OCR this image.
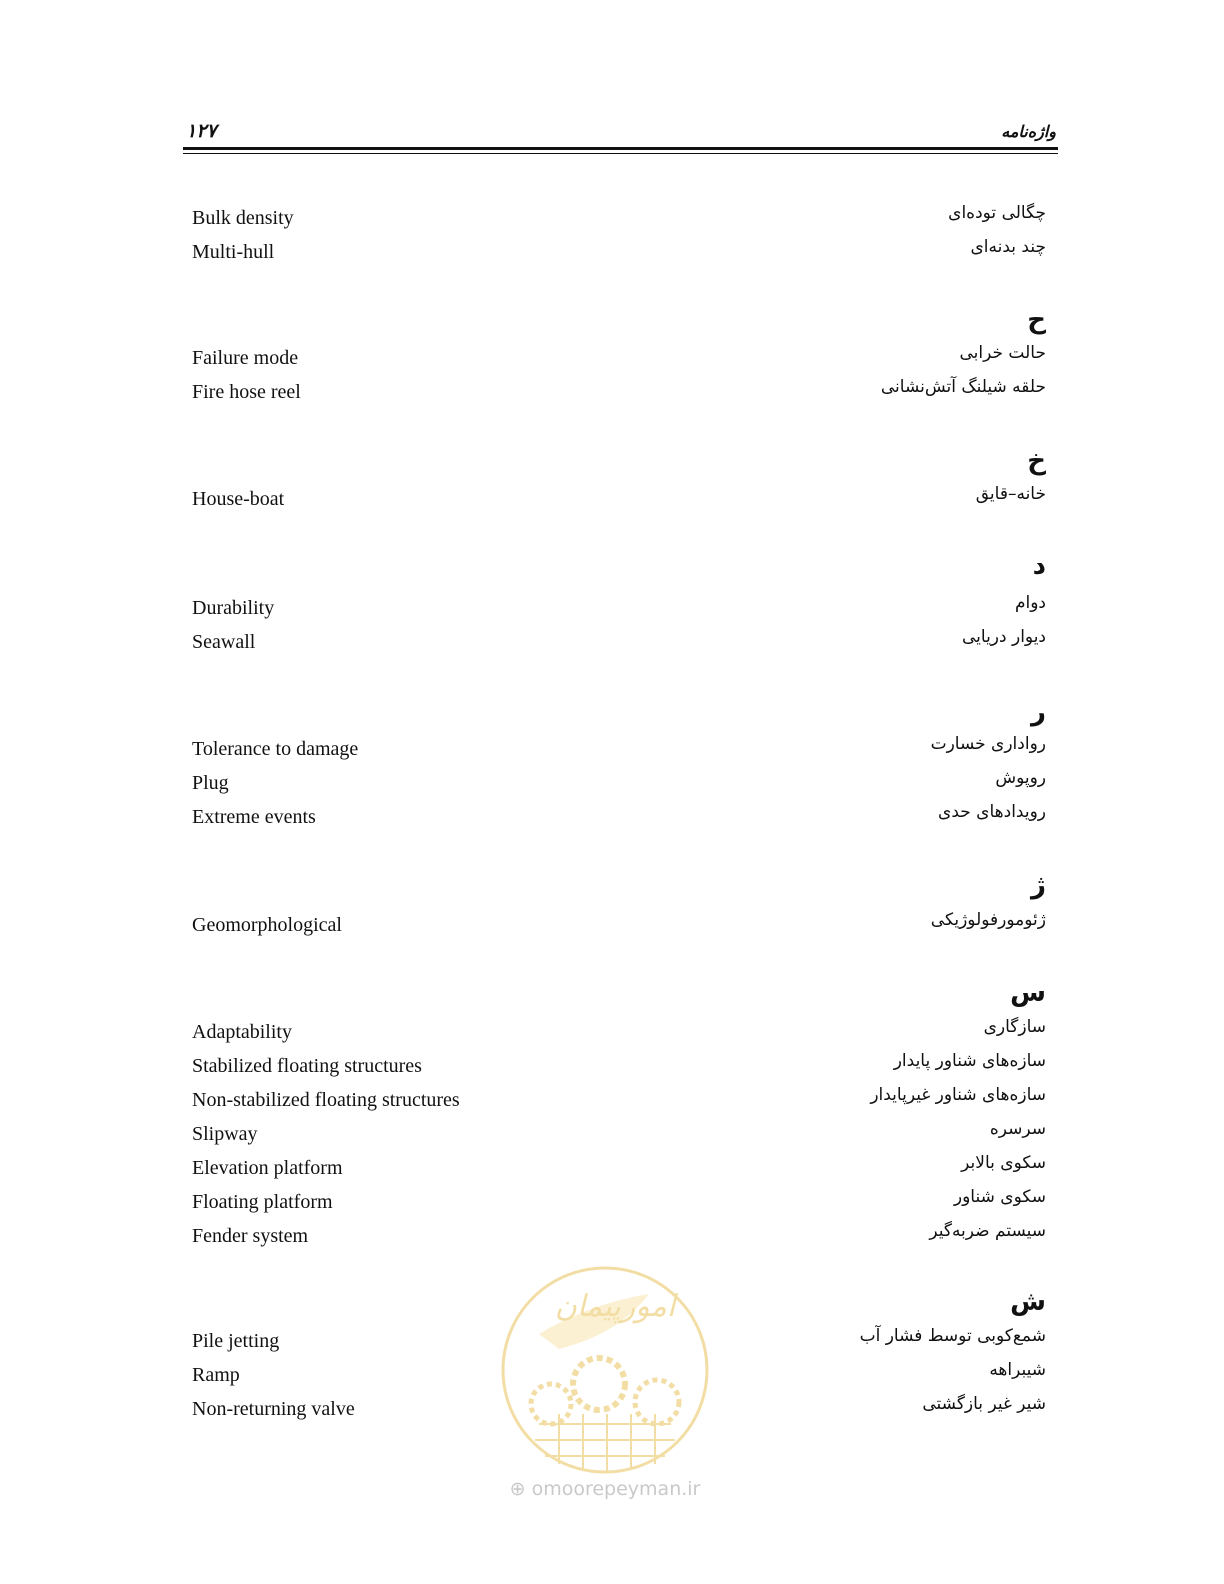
۱۲۷	واژه‌نامه
Bulk density	چگالی توده‌ای
Multi-hull	چند بدنه‌ای
ح
Failure mode	حالت خرابی
Fire hose reel	حلقه شیلنگ آتش‌نشانی
خ
House-boat	خانه–قایق
د
Durability	دوام
Seawall	دیوار دریایی
ر
Tolerance to damage	رواداری خسارت
Plug	روپوش
Extreme events	رویدادهای حدی
ژ
Geomorphological	ژئومورفولوژیکی
س
Adaptability	سازگاری
Stabilized floating structures	سازه‌های شناور پایدار
Non-stabilized floating structures	سازه‌های شناور غیرپایدار
Slipway	سرسره
Elevation platform	سکوی بالابر
Floating platform	سکوی شناور
Fender system	سیستم ضربه‌گیر
ش
Pile jetting	شمع‌کوبی توسط فشار آب
Ramp	شیبراهه
Non-returning valve	شیر غیر بازگشتی
امورپیمان
⊕ omoorepeyman.ir
